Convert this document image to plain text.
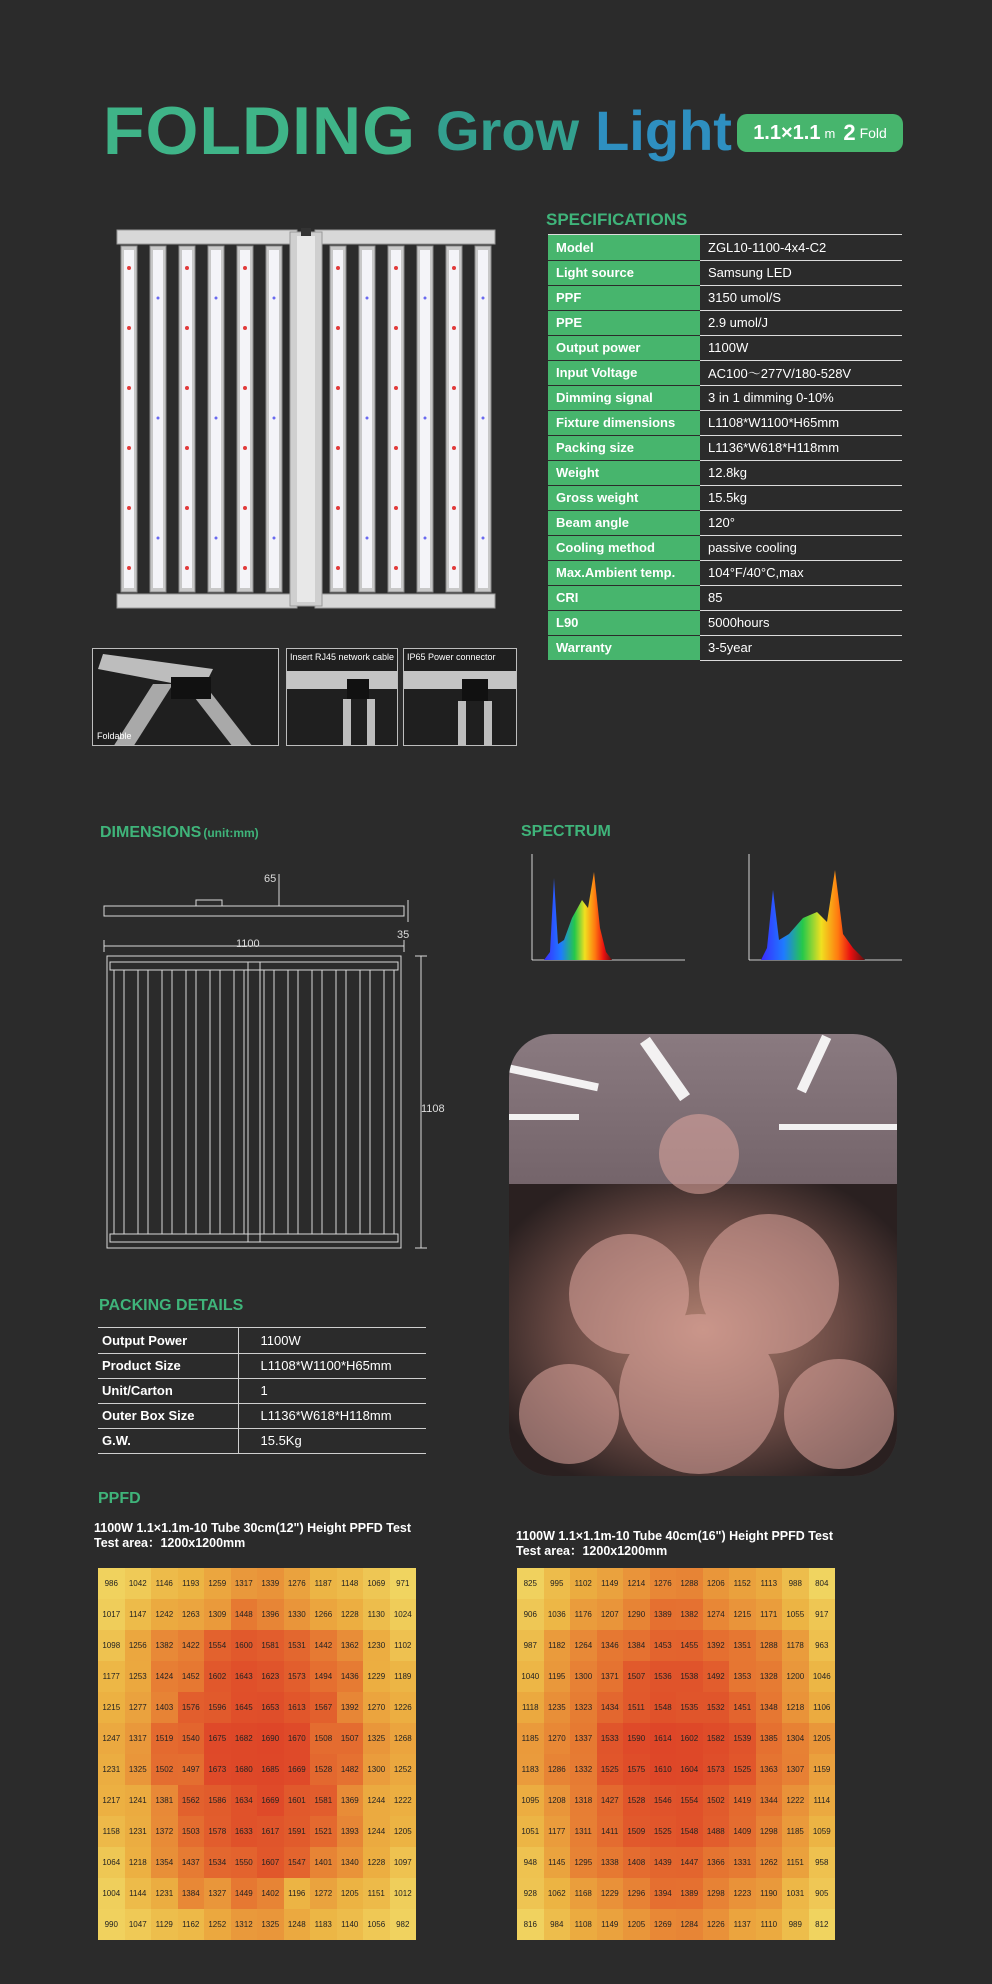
FOLDING Grow Light 1.1×1.1 m 2 Fold
Foldable
Insert RJ45 network cable IP65 Power connector
SPECIFICATIONS
Model	ZGL10-1100-4x4-C2
Light source	Samsung LED
PPF	3150 umol/S
PPE	2.9 umol/J
Output power	1100W
Input Voltage	AC100～277V/180-528V
Dimming signal	3 in 1 dimming 0-10%
Fixture dimensions	L1108*W1100*H65mm
Packing size	L1136*W618*H118mm
Weight	12.8kg
Gross weight	15.5kg
Beam angle	120°
Cooling method	passive cooling
Max.Ambient temp.	104°F/40°C,max
CRI	85
L90	5000hours
Warranty	3-5year
DIMENSIONS (unit:mm)
65
35
1100
1108
SPECTRUM
PACKING DETAILS
Output Power	1100W
Product Size	L1108*W1100*H65mm
Unit/Carton	1
Outer Box Size	L1136*W618*H118mm
G.W.	15.5Kg
PPFD
1100W 1.1×1.1m-10 Tube 30cm(12") Height PPFD Test
Test area：1200x1200mm	1100W 1.1×1.1m-10 Tube 40cm(16") Height PPFD Test
Test area：1200x1200mm
986	1042	1146	1193	1259	1317	1339	1276	1187	1148	1069	971
1017	1147	1242	1263	1309	1448	1396	1330	1266	1228	1130	1024
1098	1256	1382	1422	1554	1600	1581	1531	1442	1362	1230	1102
1177	1253	1424	1452	1602	1643	1623	1573	1494	1436	1229	1189
1215	1277	1403	1576	1596	1645	1653	1613	1567	1392	1270	1226
1247	1317	1519	1540	1675	1682	1690	1670	1508	1507	1325	1268
1231	1325	1502	1497	1673	1680	1685	1669	1528	1482	1300	1252
1217	1241	1381	1562	1586	1634	1669	1601	1581	1369	1244	1222
1158	1231	1372	1503	1578	1633	1617	1591	1521	1393	1244	1205
1064	1218	1354	1437	1534	1550	1607	1547	1401	1340	1228	1097
1004	1144	1231	1384	1327	1449	1402	1196	1272	1205	1151	1012
990	1047	1129	1162	1252	1312	1325	1248	1183	1140	1056	982
825	995	1102	1149	1214	1276	1288	1206	1152	1113	988	804
906	1036	1176	1207	1290	1389	1382	1274	1215	1171	1055	917
987	1182	1264	1346	1384	1453	1455	1392	1351	1288	1178	963
1040	1195	1300	1371	1507	1536	1538	1492	1353	1328	1200	1046
1118	1235	1323	1434	1511	1548	1535	1532	1451	1348	1218	1106
1185	1270	1337	1533	1590	1614	1602	1582	1539	1385	1304	1205
1183	1286	1332	1525	1575	1610	1604	1573	1525	1363	1307	1159
1095	1208	1318	1427	1528	1546	1554	1502	1419	1344	1222	1114
1051	1177	1311	1411	1509	1525	1548	1488	1409	1298	1185	1059
948	1145	1295	1338	1408	1439	1447	1366	1331	1262	1151	958
928	1062	1168	1229	1296	1394	1389	1298	1223	1190	1031	905
816	984	1108	1149	1205	1269	1284	1226	1137	1110	989	812
